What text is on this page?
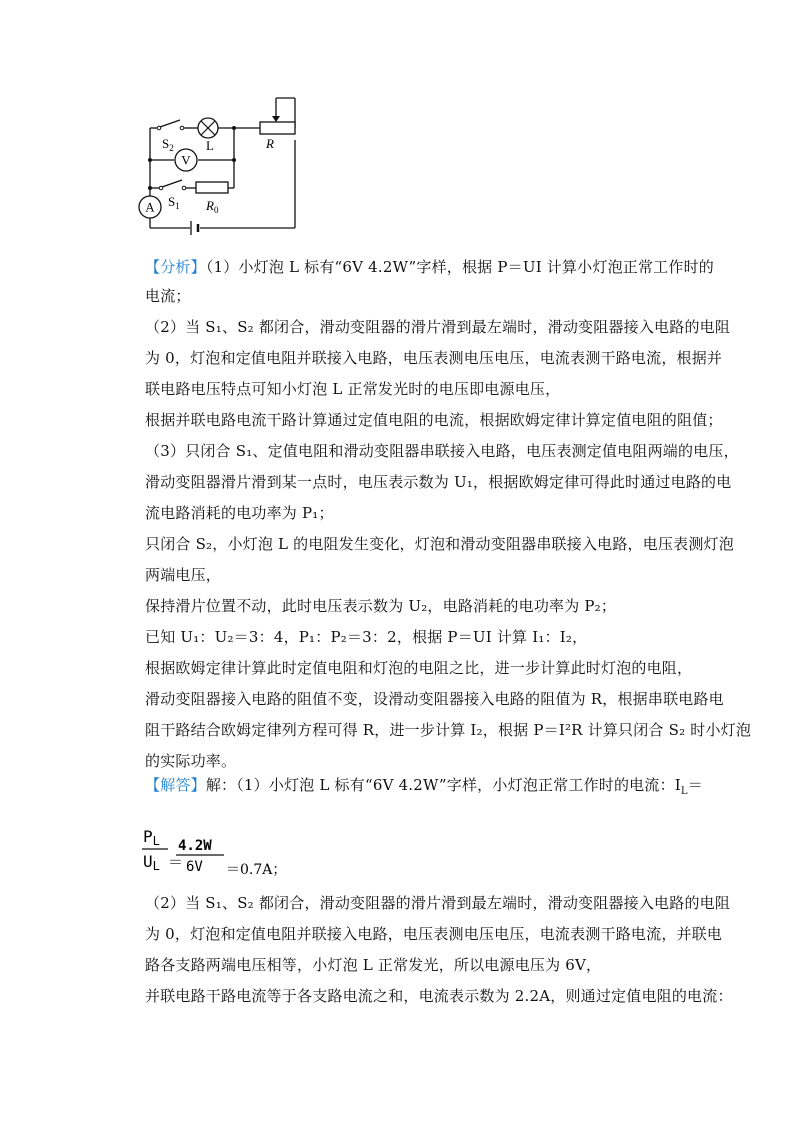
V
A
$S_2$ L	R
$S_1$ $R_0$
【分析】（1）小灯泡 L 标有“6V 4.2W”字样，根据 P＝UI 计算小灯泡正常工作时的
电流；
（2）当 S₁、S₂ 都闭合，滑动变阻器的滑片滑到最左端时，滑动变阻器接入电路的电阻
为 0，灯泡和定值电阻并联接入电路，电压表测电压电压，电流表测干路电流，根据并
联电路电压特点可知小灯泡 L 正常发光时的电压即电源电压，
根据并联电路电流干路计算通过定值电阻的电流，根据欧姆定律计算定值电阻的阻值；
（3）只闭合 S₁、定值电阻和滑动变阻器串联接入电路，电压表测定值电阻两端的电压，
滑动变阻器滑片滑到某一点时，电压表示数为 U₁，根据欧姆定律可得此时通过电路的电
流电路消耗的电功率为 P₁；
只闭合 S₂，小灯泡 L 的电阻发生变化，灯泡和滑动变阻器串联接入电路，电压表测灯泡
两端电压，
保持滑片位置不动，此时电压表示数为 U₂，电路消耗的电功率为 P₂；
已知 U₁：U₂＝3：4，P₁：P₂＝3：2，根据 P＝UI 计算 I₁：I₂，
根据欧姆定律计算此时定值电阻和灯泡的电阻之比，进一步计算此时灯泡的电阻，
滑动变阻器接入电路的阻值不变，设滑动变阻器接入电路的阻值为 R，根据串联电路电
阻干路结合欧姆定律列方程可得 R，进一步计算 I₂，根据 P＝I²R 计算只闭合 S₂ 时小灯泡
的实际功率。
【解答】解：（1）小灯泡 L 标有“6V 4.2W”字样，小灯泡正常工作时的电流：$I_L=$
PL
UL ＝
4.2W
6V ＝0.7A；
（2）当 S₁、S₂ 都闭合，滑动变阻器的滑片滑到最左端时，滑动变阻器接入电路的电阻
为 0，灯泡和定值电阻并联接入电路，电压表测电压电压，电流表测干路电流，并联电
路各支路两端电压相等，小灯泡 L 正常发光，所以电源电压为 6V，
并联电路干路电流等于各支路电流之和，电流表示数为 2.2A，则通过定值电阻的电流：
